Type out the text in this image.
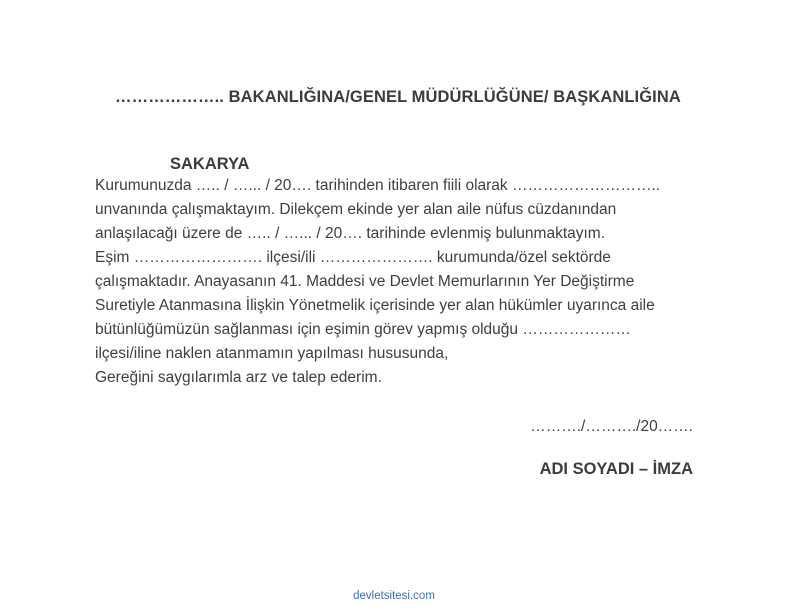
……………….. BAKANLIĞINA/GENEL MÜDÜRLÜĞÜNE/ BAŞKANLIĞINA
SAKARYA

Kurumunuzda ….. / …... / 20…. tarihinden itibaren fiili olarak ……………………….. unvanında çalışmaktayım. Dilekçem ekinde yer alan aile nüfus cüzdanından anlaşılacağı üzere de ….. / …... / 20…. tarihinde evlenmiş bulunmaktayım.

Eşim ……………………. ilçesi/ili …………………. kurumunda/özel sektörde çalışmaktadır. Anayasanın 41. Maddesi ve Devlet Memurlarının Yer Değiştirme Suretiyle Atanmasına İlişkin Yönetmelik içerisinde yer alan hükümler uyarınca aile bütünlüğümüzün sağlanması için eşimin görev yapmış olduğu ………………… ilçesi/iline naklen atanmamın yapılması hususunda,

Gereğini saygılarımla arz ve talep ederim.

………./………./20…….
ADI SOYADI – İMZA
devletsitesi.com
